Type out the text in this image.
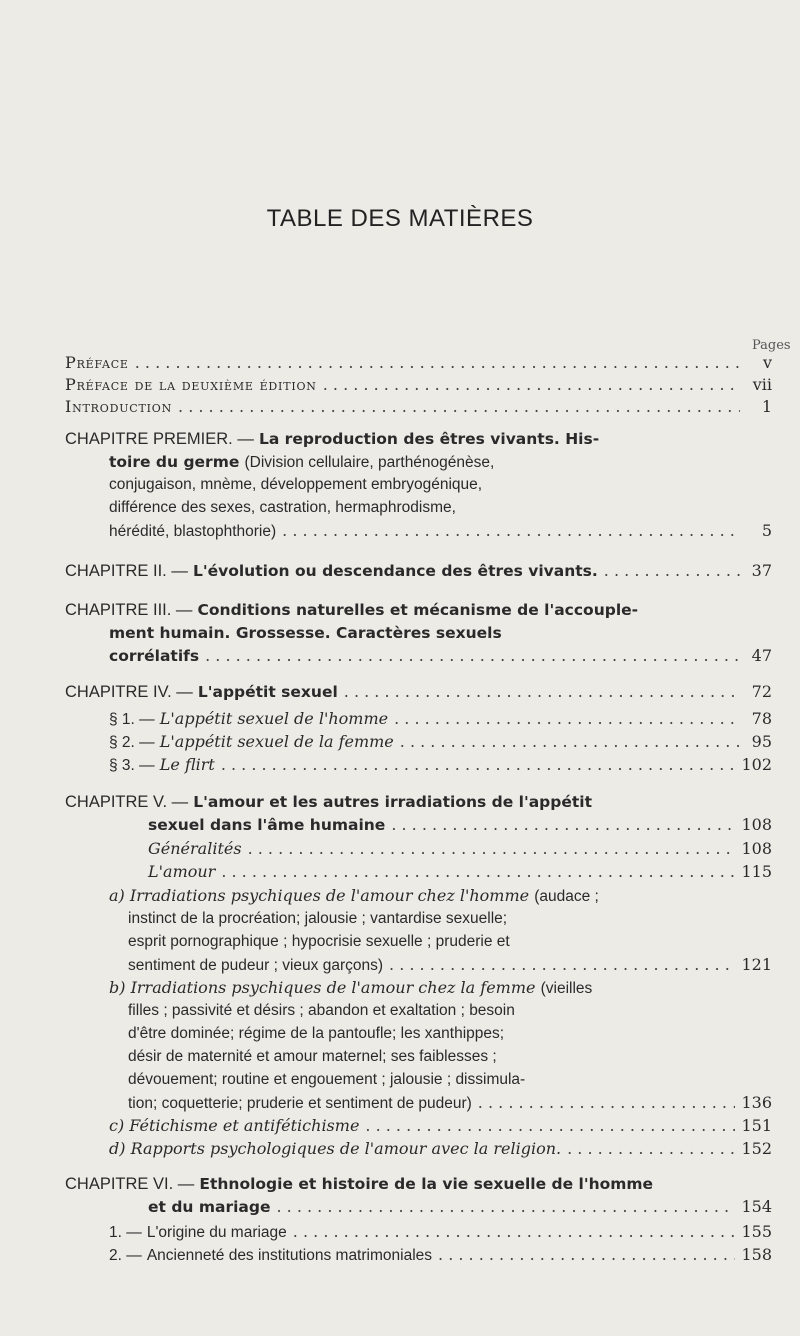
TABLE DES MATIÈRES
Pages
Préface . . .	v
Préface de la deuxième édition . . .	vii
Introduction . . .	1
CHAPITRE PREMIER. —
La reproduction des êtres vivants. His-
toire du germe
(Division cellulaire, parthénogénèse,
conjugaison, mnème, développement embryogénique,
différence des sexes, castration, hermaphrodisme,
hérédité, blastophthorie) . . .	5
CHAPITRE II. —
L'évolution ou descendance des êtres vivants. . . .	37
CHAPITRE III. —
Conditions naturelles et mécanisme de l'accouple-
ment humain. Grossesse. Caractères sexuels
corrélatifs . . .	47
CHAPITRE IV. —
L'appétit sexuel . . .	72
§ 1. —
L'appétit sexuel de l'homme . . .	78
§ 2. —
L'appétit sexuel de la femme . . .	95
§ 3. —
Le flirt . . .	102
CHAPITRE V. —
L'amour et les autres irradiations de l'appétit
sexuel dans l'âme humaine . . .	108
Généralités . . .	108
L'amour . . .	115
a)
Irradiations psychiques de l'amour chez l'homme
(audace ;
instinct de la procréation; jalousie ; vantardise sexuelle;
esprit pornographique ; hypocrisie sexuelle ; pruderie et
sentiment de pudeur ; vieux garçons) . . .	121
b)
Irradiations psychiques de l'amour chez la femme
(vieilles
filles ; passivité et désirs ; abandon et exaltation ; besoin
d'être dominée; régime de la pantoufle; les xanthippes;
désir de maternité et amour maternel; ses faiblesses ;
dévouement; routine et engouement ; jalousie ; dissimula-
tion; coquetterie; pruderie et sentiment de pudeur) . . .	136
c)
Fétichisme et antifétichisme . . .	151
d)
Rapports psychologiques de l'amour avec la religion. . . .	152
CHAPITRE VI. —
Ethnologie et histoire de la vie sexuelle de l'homme
et du mariage . . .	154
1. —
L'origine du mariage . . .	155
2. —
Ancienneté des institutions matrimoniales . . .	158
